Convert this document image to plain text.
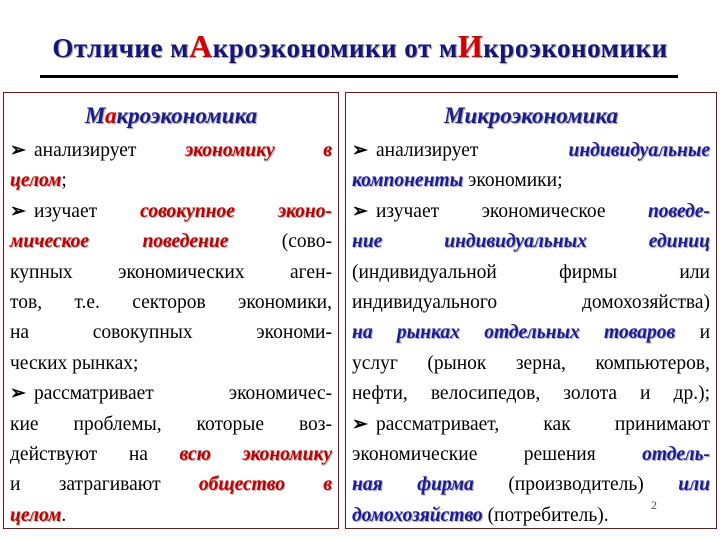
Отличие мАкроэкономики от мИкроэкономики
Макроэкономика
➢ анализирует экономику в
целом;
➢ изучает совокупное эконо-
мическое поведение (сово-
купных экономических аген-
тов, т.е. секторов экономики,
на совокупных экономи-
ческих рынках;
➢ рассматривает экономичес-
кие проблемы, которые воз-
действуют на всю экономику
и затрагивают общество в
целом.
Микроэкономика
➢ анализирует индивидуальные
компоненты экономики;
➢ изучает экономическое поведе-
ние индивидуальных единиц
(индивидуальной фирмы или
индивидуального домохозяйства)
на рынках отдельных товаров и
услуг (рынок зерна, компьютеров,
нефти, велосипедов, золота и др.);
➢ рассматривает, как принимают
экономические решения отдель-
ная фирма (производитель) или
домохозяйство (потребитель).	2
